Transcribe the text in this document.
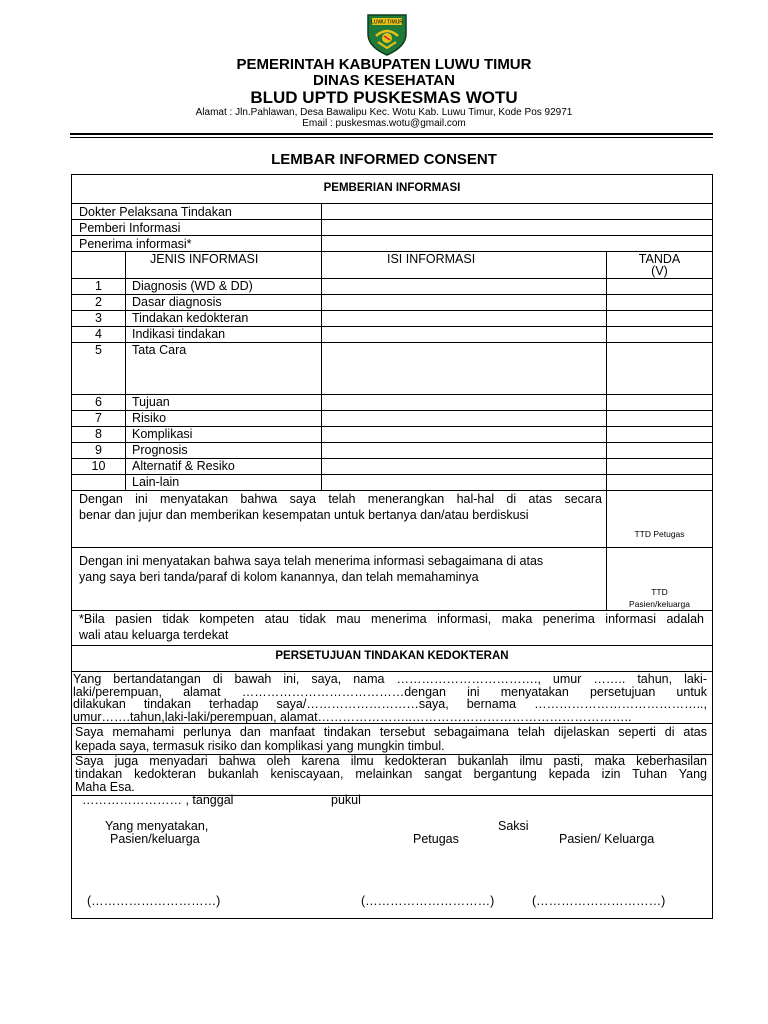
LUWU TIMUR
PEMERINTAH KABUPATEN LUWU TIMUR
DINAS KESEHATAN
BLUD UPTD PUSKESMAS WOTU
Alamat : Jln.Pahlawan, Desa Bawalipu Kec. Wotu Kab. Luwu Timur, Kode Pos 92971
Email : puskesmas.wotu@gmail.com
LEMBAR INFORMED CONSENT
PEMBERIAN INFORMASI
Dokter Pelaksana Tindakan
Pemberi Informasi
Penerima informasi*
JENIS INFORMASI	ISI INFORMASI	TANDA
(V)
1	Diagnosis (WD & DD)
2	Dasar diagnosis
3	Tindakan kedokteran
4	Indikasi tindakan
5	Tata Cara
6	Tujuan
7	Risiko
8	Komplikasi
9	Prognosis
10	Alternatif & Resiko
Lain-lain
Dengan ini menyatakan bahwa saya telah menerangkan hal-hal di atas secara
benar dan jujur dan memberikan kesempatan untuk bertanya dan/atau berdiskusi
TTD Petugas
Dengan ini menyatakan bahwa saya telah menerima informasi sebagaimana di atas
yang saya beri tanda/paraf di kolom kanannya, dan telah memahaminya
TTD
Pasien/keluarga
*Bila pasien tidak kompeten atau tidak mau menerima informasi, maka penerima informasi adalah
wali atau keluarga terdekat
PERSETUJUAN TINDAKAN KEDOKTERAN
Yang bertandatangan di bawah ini, saya, nama ……………………………., umur …….. tahun, laki-
laki/perempuan, alamat …………………………………dengan ini menyatakan persetujuan untuk
dilakukan tindakan terhadap saya/………………………saya, bernama …………………………………..,
umur…….tahun,laki-laki/perempuan, alamat…………………..……………………………………………..
Saya memahami perlunya dan manfaat tindakan tersebut sebagaimana telah dijelaskan seperti di atas
kepada saya, termasuk risiko dan komplikasi yang mungkin timbul.
Saya juga menyadari bahwa oleh karena ilmu kedokteran bukanlah ilmu pasti, maka keberhasilan
tindakan kedokteran bukanlah keniscayaan, melainkan sangat bergantung kepada izin Tuhan Yang
Maha Esa.
…………………… , tanggal	pukul
Yang menyatakan,
Pasien/keluarga
Saksi
Petugas	Pasien/ Keluarga
(…………………………)	(…………………………)	(…………………………)
